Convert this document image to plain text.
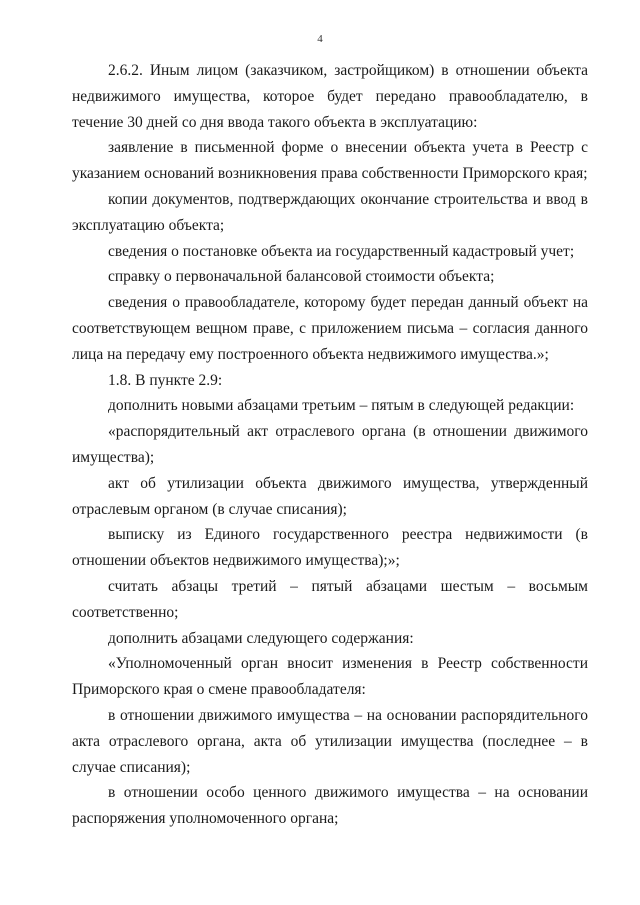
4

2.6.2. Иным лицом (заказчиком, застройщиком) в отношении объекта недвижимого имущества, которое будет передано правообладателю, в течение 30 дней со дня ввода такого объекта в эксплуатацию:

заявление в письменной форме о внесении объекта учета в Реестр с указанием оснований возникновения права собственности Приморского края;

копии документов, подтверждающих окончание строительства и ввод в эксплуатацию объекта;

сведения о постановке объекта иа государственный кадастровый учет;

справку о первоначальной балансовой стоимости объекта;

сведения о правообладателе, которому будет передан данный объект на соответствующем вещном праве, с приложением письма – согласия данного лица на передачу ему построенного объекта недвижимого имущества.»;

1.8. В пункте 2.9:

дополнить новыми абзацами третьим – пятым в следующей редакции:

«распорядительный акт отраслевого органа (в отношении движимого имущества);

акт об утилизации объекта движимого имущества, утвержденный отраслевым органом (в случае списания);

выписку из Единого государственного реестра недвижимости (в отношении объектов недвижимого имущества);»;

считать абзацы третий – пятый абзацами шестым – восьмым соответственно;

дополнить абзацами следующего содержания:

«Уполномоченный орган вносит изменения в Реестр собственности Приморского края о смене правообладателя:

в отношении движимого имущества – на основании распорядительного акта отраслевого органа, акта об утилизации имущества (последнее – в случае списания);

в отношении особо ценного движимого имущества – на основании распоряжения уполномоченного органа;
